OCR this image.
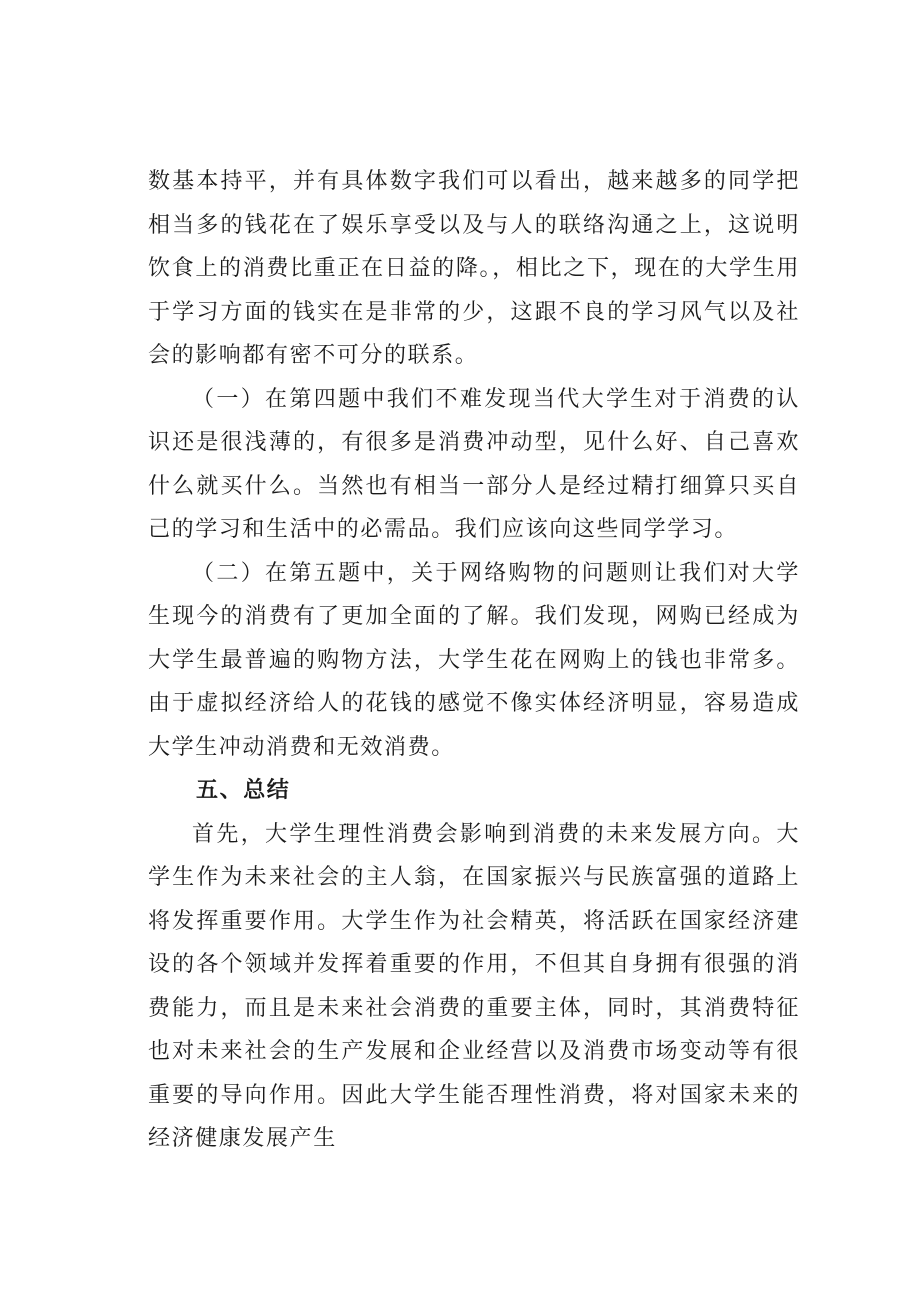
数基本持平，并有具体数字我们可以看出，越来越多的同学把相当多的钱花在了娱乐享受以及与人的联络沟通之上，这说明饮食上的消费比重正在日益的降。，相比之下，现在的大学生用于学习方面的钱实在是非常的少，这跟不良的学习风气以及社会的影响都有密不可分的联系。

（一）在第四题中我们不难发现当代大学生对于消费的认识还是很浅薄的，有很多是消费冲动型，见什么好、自己喜欢什么就买什么。当然也有相当一部分人是经过精打细算只买自己的学习和生活中的必需品。我们应该向这些同学学习。

（二）在第五题中，关于网络购物的问题则让我们对大学生现今的消费有了更加全面的了解。我们发现，网购已经成为大学生最普遍的购物方法，大学生花在网购上的钱也非常多。由于虚拟经济给人的花钱的感觉不像实体经济明显，容易造成大学生冲动消费和无效消费。

五、总结

首先，大学生理性消费会影响到消费的未来发展方向。大学生作为未来社会的主人翁，在国家振兴与民族富强的道路上将发挥重要作用。大学生作为社会精英，将活跃在国家经济建设的各个领域并发挥着重要的作用，不但其自身拥有很强的消费能力，而且是未来社会消费的重要主体，同时，其消费特征也对未来社会的生产发展和企业经营以及消费市场变动等有很重要的导向作用。因此大学生能否理性消费，将对国家未来的经济健康发展产生
